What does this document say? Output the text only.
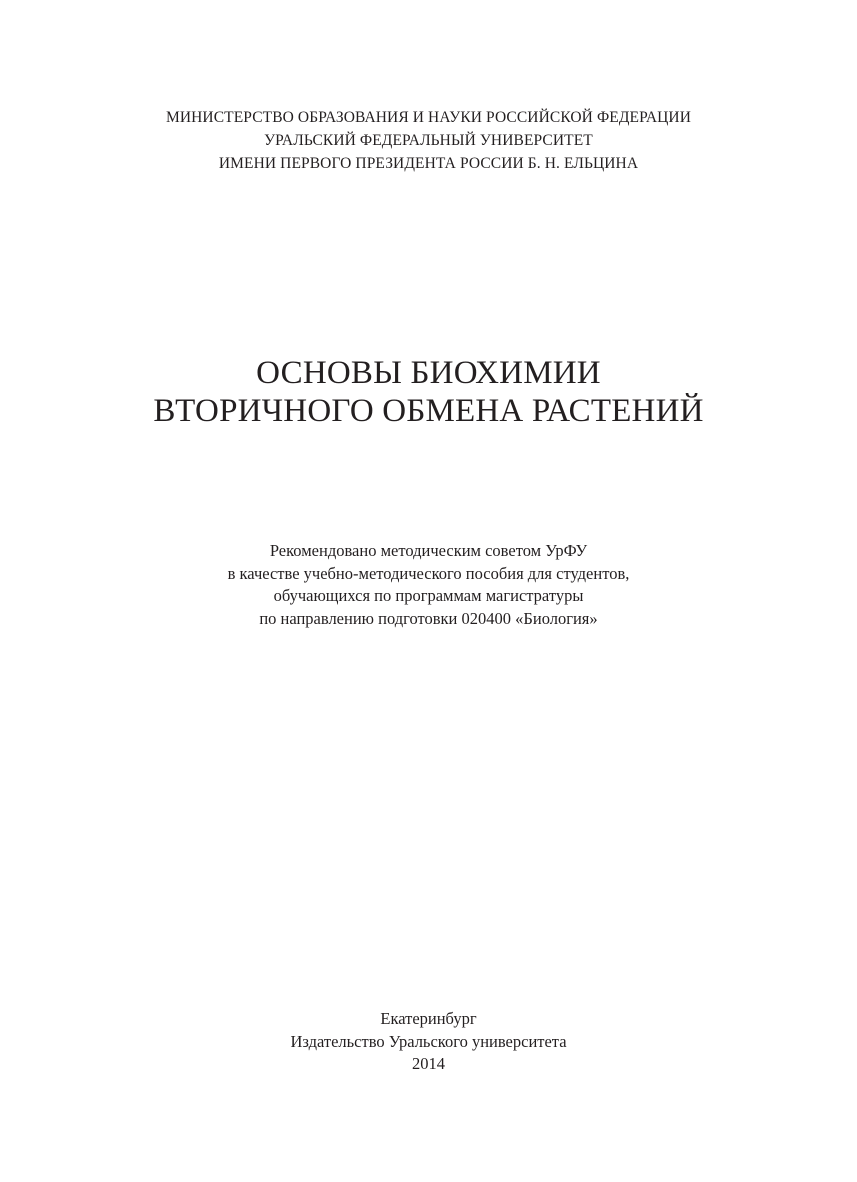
МИНИСТЕРСТВО ОБРАЗОВАНИЯ И НАУКИ РОССИЙСКОЙ ФЕДЕРАЦИИ
УРАЛЬСКИЙ ФЕДЕРАЛЬНЫЙ УНИВЕРСИТЕТ
ИМЕНИ ПЕРВОГО ПРЕЗИДЕНТА РОССИИ Б. Н. ЕЛЬЦИНА
ОСНОВЫ БИОХИМИИ
ВТОРИЧНОГО ОБМЕНА РАСТЕНИЙ
Рекомендовано методическим советом УрФУ
в качестве учебно-методического пособия для студентов,
обучающихся по программам магистратуры
по направлению подготовки 020400 «Биология»
Екатеринбург
Издательство Уральского университета
2014
